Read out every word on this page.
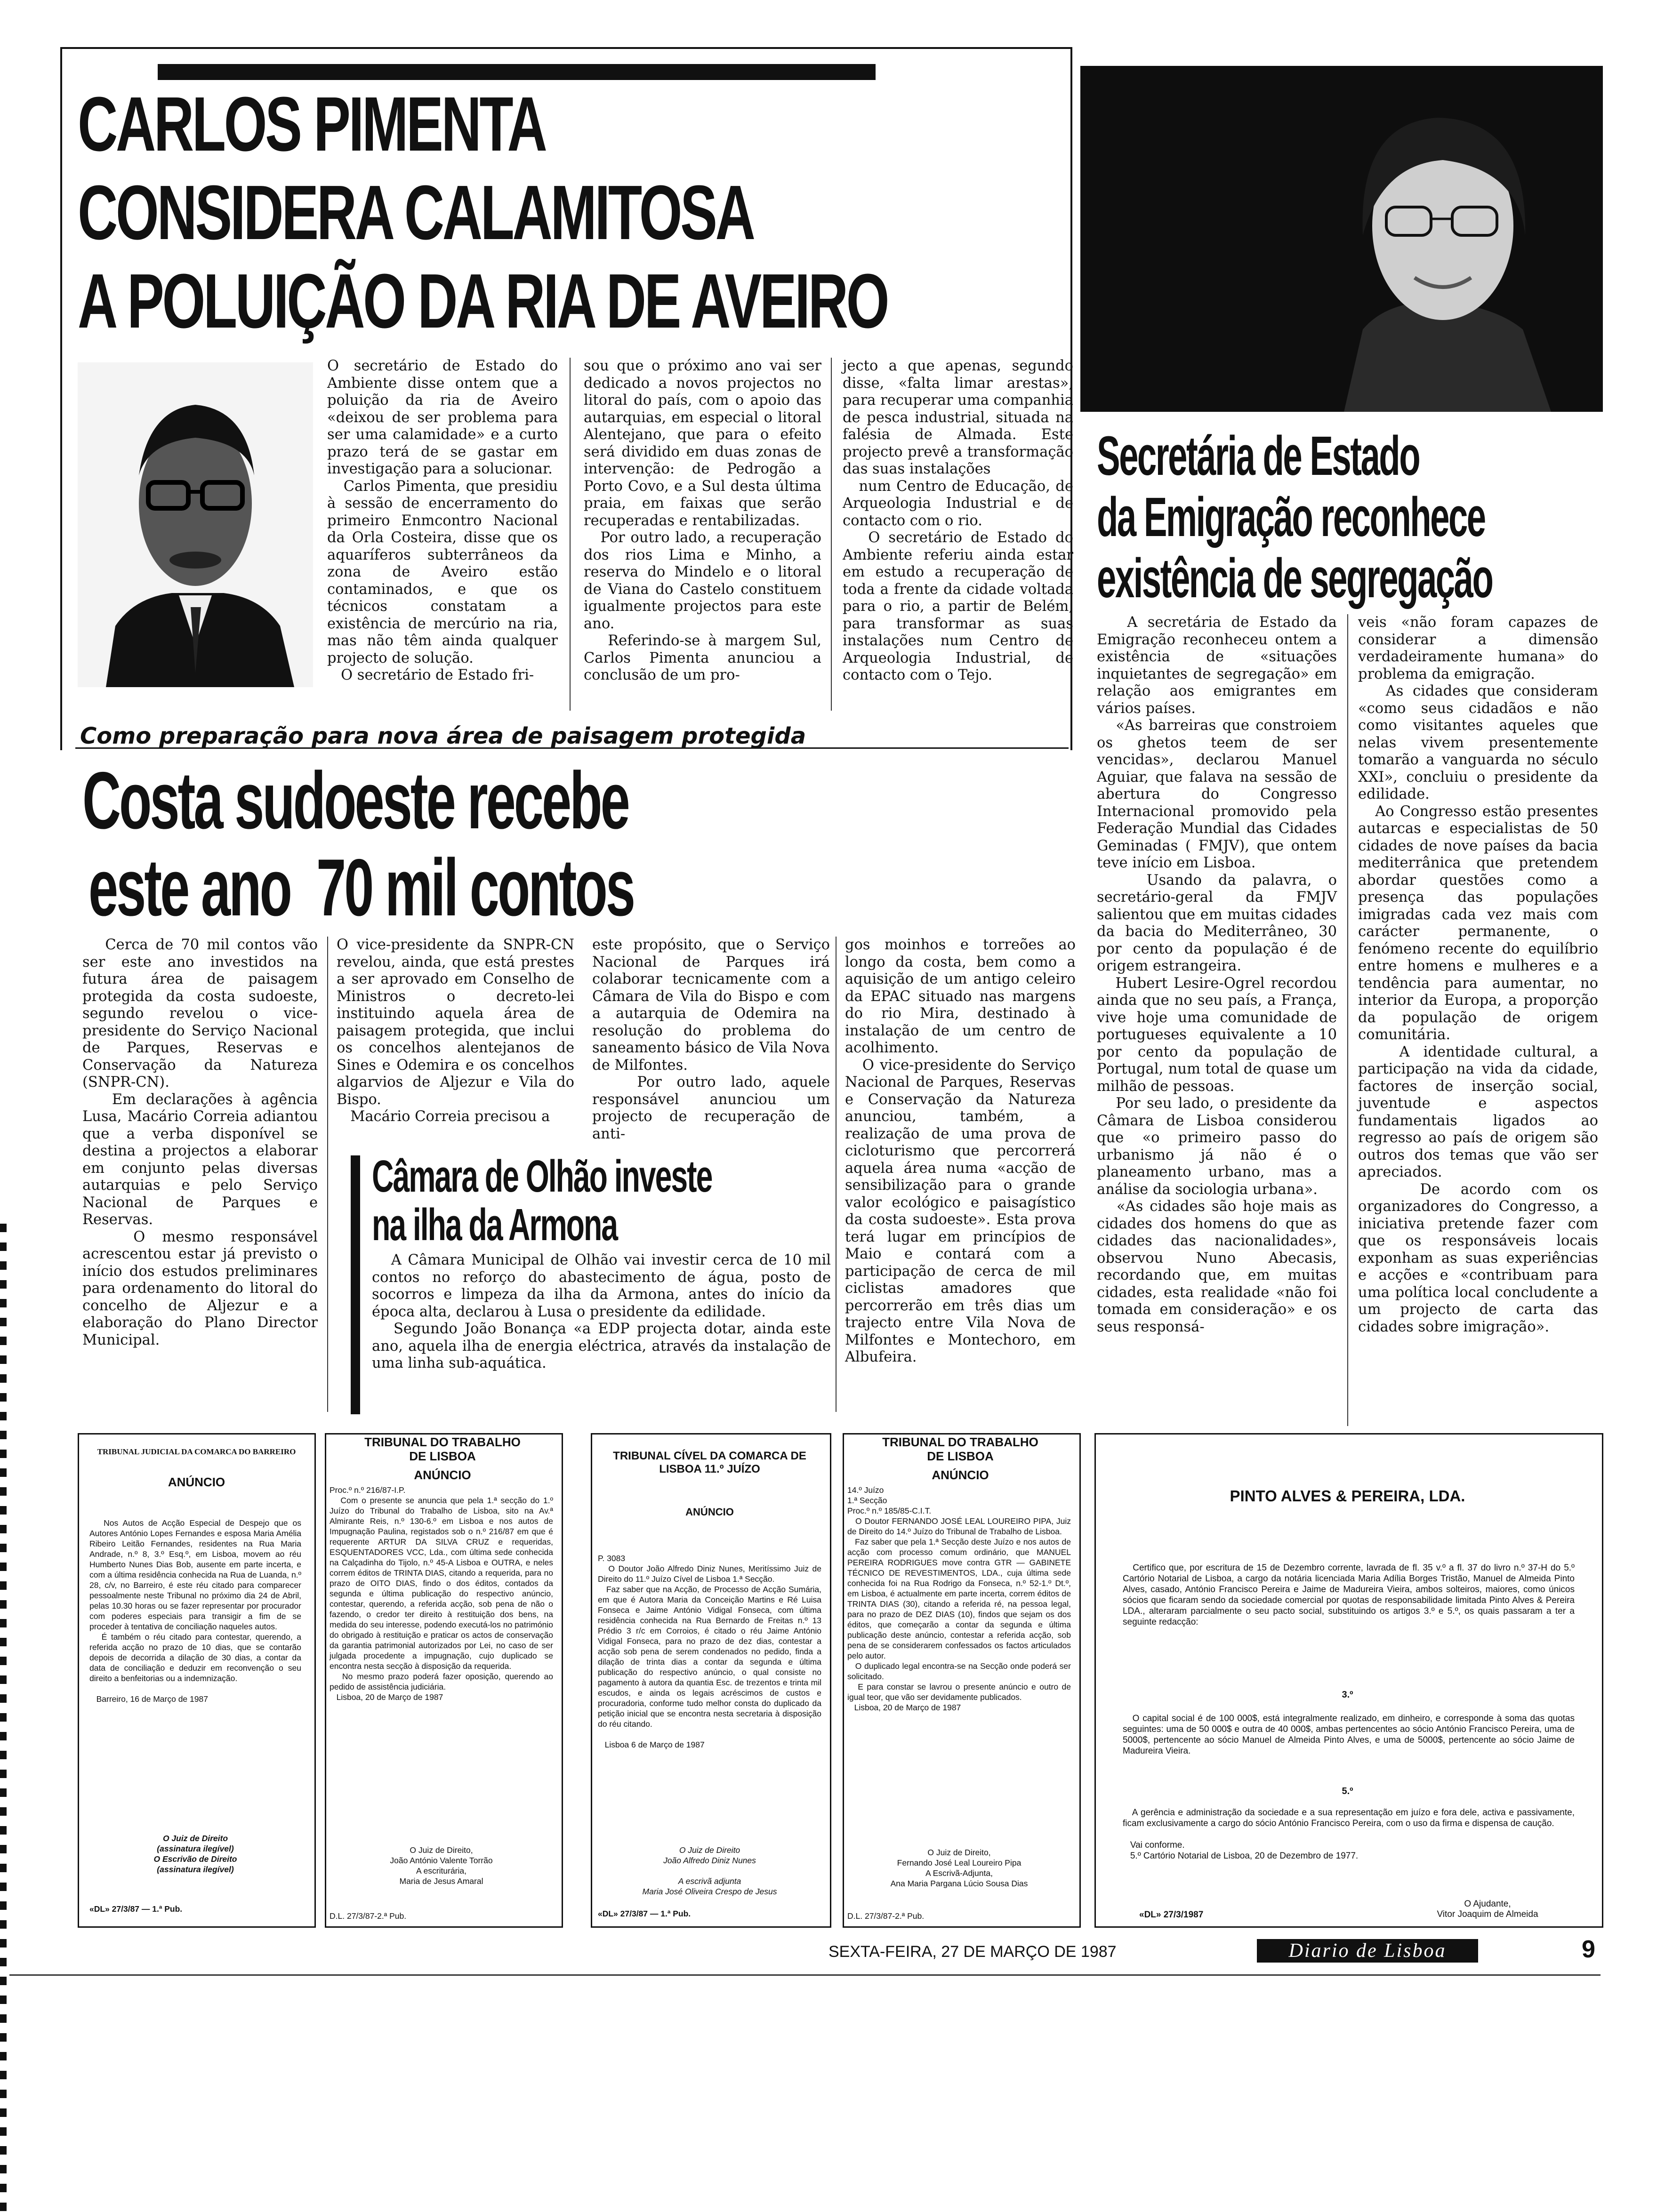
CARLOS PIMENTA
CONSIDERA CALAMITOSA
A POLUIÇÃO DA RIA DE AVEIRO
O secretário de Estado do Ambiente disse ontem que a poluição da ria de Aveiro «deixou de ser problema para ser uma calamidade» e a curto prazo terá de se gastar em investigação para a solucionar.
Carlos Pimenta, que presidiu à sessão de encerramento do primeiro Enmcontro Nacional da Orla Costeira, disse que os aquaríferos subterrâneos da zona de Aveiro estão contaminados, e que os técnicos constatam a existência de mercúrio na ria, mas não têm ainda qualquer projecto de solução.
O secretário de Estado fri-
sou que o próximo ano vai ser dedicado a novos projectos no litoral do país, com o apoio das autarquias, em especial o litoral Alentejano, que para o efeito será dividido em duas zonas de intervenção: de Pedrogão a Porto Covo, e a Sul desta última praia, em faixas que serão recuperadas e rentabilizadas.
Por outro lado, a recuperação dos rios Lima e Minho, a reserva do Mindelo e o litoral de Viana do Castelo constituem igualmente projectos para este ano.
Referindo-se à margem Sul, Carlos Pimenta anunciou a conclusão de um pro-
jecto a que apenas, segundo disse, «falta limar arestas», para recuperar uma companhia de pesca industrial, situada na falésia de Almada. Este projecto prevê a transformação das suas instalações
num Centro de Educação, de Arqueologia Industrial e de contacto com o rio.
O secretário de Estado do Ambiente referiu ainda estar em estudo a recuperação de toda a frente da cidade voltada para o rio, a partir de Belém, para transformar as suas instalações num Centro de Arqueologia Industrial, de contacto com o Tejo.
Como preparação para nova área de paisagem protegida
Costa sudoeste recebe
este ano  70 mil contos
Cerca de 70 mil contos vão ser este ano investidos na futura área de paisagem protegida da costa sudoeste, segundo revelou o vice-presidente do Serviço Nacional de Parques, Reservas e Conservação da Natureza (SNPR-CN).
Em declarações à agência Lusa, Macário Correia adiantou que a verba disponível se destina a projectos a elaborar em conjunto pelas diversas autarquias e pelo Serviço Nacional de Parques e Reservas.
O mesmo responsável acrescentou estar já previsto o início dos estudos preliminares para ordenamento do litoral do concelho de Aljezur e a elaboração do Plano Director Municipal.
O vice-presidente da SNPR-CN revelou, ainda, que está prestes a ser aprovado em Conselho de Ministros o decreto-lei instituindo aquela área de paisagem protegida, que inclui os concelhos alentejanos de Sines e Odemira e os concelhos algarvios de Aljezur e Vila do Bispo.
Macário Correia precisou a
este propósito, que o Serviço Nacional de Parques irá colaborar tecnicamente com a Câmara de Vila do Bispo e com a autarquia de Odemira na resolução do problema do saneamento básico de Vila Nova de Milfontes.
Por outro lado, aquele responsável anunciou um projecto de recuperação de anti-
gos moinhos e torreões ao longo da costa, bem como a aquisição de um antigo celeiro da EPAC situado nas margens do rio Mira, destinado à instalação de um centro de acolhimento.
O vice-presidente do Serviço Nacional de Parques, Reservas e Conservação da Natureza anunciou, também, a realização de uma prova de cicloturismo que percorrerá aquela área numa «acção de sensibilização para o grande valor ecológico e paisagístico da costa sudoeste». Esta prova terá lugar em princípios de Maio e contará com a participação de cerca de mil ciclistas amadores que percorrerão em três dias um trajecto entre Vila Nova de Milfontes e Montechoro, em Albufeira.
Câmara de Olhão investe
na ilha da Armona
A Câmara Municipal de Olhão vai investir cerca de 10 mil contos no reforço do abastecimento de água, posto de socorros e limpeza da ilha da Armona, antes do início da época alta, declarou à Lusa o presidente da edilidade.
Segundo João Bonança «a EDP projecta dotar, ainda este ano, aquela ilha de energia eléctrica, através da instalação de uma linha sub-aquática.
Secretária de Estado
da Emigração reconhece
existência de segregação
A secretária de Estado da Emigração reconheceu ontem a existência de «situações inquietantes de segregação» em relação aos emigrantes em vários países.
«As barreiras que constroiem os ghetos teem de ser vencidas», declarou Manuel Aguiar, que falava na sessão de abertura do Congresso Internacional promovido pela Federação Mundial das Cidades Geminadas ( FMJV), que ontem teve início em Lisboa.
Usando da palavra, o secretário-geral da FMJV salientou que em muitas cidades da bacia do Mediterrâneo, 30 por cento da população é de origem estrangeira.
Hubert Lesire-Ogrel recordou ainda que no seu país, a França, vive hoje uma comunidade de portugueses equivalente a 10 por cento da população de Portugal, num total de quase um milhão de pessoas.
Por seu lado, o presidente da Câmara de Lisboa considerou que «o primeiro passo do urbanismo já não é o planeamento urbano, mas a análise da sociologia urbana».
«As cidades são hoje mais as cidades dos homens do que as cidades das nacionalidades», observou Nuno Abecasis, recordando que, em muitas cidades, esta realidade «não foi tomada em consideração» e os seus responsá-
veis «não foram capazes de considerar a dimensão verdadeiramente humana» do problema da emigração.
As cidades que consideram «como seus cidadãos e não como visitantes aqueles que nelas vivem presentemente tomarão a vanguarda no século XXI», concluiu o presidente da edilidade.
Ao Congresso estão presentes autarcas e especialistas de 50 cidades de nove países da bacia mediterrânica que pretendem abordar questões como a presença das populações imigradas cada vez mais com carácter permanente, o fenómeno recente do equilíbrio entre homens e mulheres e a tendência para aumentar, no interior da Europa, a proporção da população de origem comunitária.
A identidade cultural, a participação na vida da cidade, factores de inserção social, juventude e aspectos fundamentais ligados ao regresso ao país de origem são outros dos temas que vão ser apreciados.
De acordo com os organizadores do Congresso, a iniciativa pretende fazer com que os responsáveis locais exponham as suas experiências e acções e «contribuam para uma política local concludente a um projecto de carta das cidades sobre imigração».
TRIBUNAL JUDICIAL DA COMARCA DO BARREIRO
ANÚNCIO
Nos Autos de Acção Especial de Despejo que os Autores António Lopes Fernandes e esposa Maria Amélia Ribeiro Leitão Fernandes, residentes na Rua Maria Andrade, n.º 8, 3.º Esq.º, em Lisboa, movem ao réu Humberto Nunes Dias Bob, ausente em parte incerta, e com a última residência conhecida na Rua de Luanda, n.º 28, c/v, no Barreiro, é este réu citado para comparecer pessoalmente neste Tribunal no próximo dia 24 de Abril, pelas 10.30 horas ou se fazer representar por procurador com poderes especiais para transigir a fim de se proceder à tentativa de conciliação naqueles autos.
É também o réu citado para contestar, querendo, a referida acção no prazo de 10 dias, que se contarão depois de decorrida a dilação de 30 dias, a contar da data de conciliação e deduzir em reconvenção o seu direito a benfeitorias ou a indemnização.

Barreiro, 16 de Março de 1987
O Juiz de Direito
(assinatura ilegível)
O Escrivão de Direito
(assinatura ilegível)
«DL» 27/3/87 — 1.ª Pub.
TRIBUNAL DO TRABALHO DE LISBOA
ANÚNCIO
Proc.º n.º 216/87-I.P.
Com o presente se anuncia que pela 1.ª secção do 1.º Juízo do Tribunal do Trabalho de Lisboa, sito na Av.ª Almirante Reis, n.º 130-6.º em Lisboa e nos autos de Impugnação Paulina, registados sob o n.º 216/87 em que é requerente ARTUR DA SILVA CRUZ e requeridas, ESQUENTADORES VCC, Lda., com última sede conhecida na Calçadinha do Tijolo, n.º 45-A Lisboa e OUTRA, e neles correm éditos de TRINTA DIAS, citando a requerida, para no prazo de OITO DIAS, findo o dos éditos, contados da segunda e última publicação do respectivo anúncio, contestar, querendo, a referida acção, sob pena de não o fazendo, o credor ter direito à restituição dos bens, na medida do seu interesse, podendo executá-los no património do obrigado à restituição e praticar os actos de conservação da garantia patrimonial autorizados por Lei, no caso de ser julgada procedente a impugnação, cujo duplicado se encontra nesta secção à disposição da requerida.
No mesmo prazo poderá fazer oposição, querendo ao pedido de assistência judiciária.
Lisboa, 20 de Março de 1987
O Juiz de Direito,
João António Valente Torrão
A escriturária,
Maria de Jesus Amaral
D.L. 27/3/87-2.ª Pub.
TRIBUNAL CÍVEL DA COMARCA DE LISBOA 11.º JUÍZO
ANÚNCIO
P. 3083
O Doutor João Alfredo Diniz Nunes, Meritíssimo Juiz de Direito do 11.º Juízo Cível de Lisboa 1.ª Secção.
Faz saber que na Acção, de Processo de Acção Sumária, em que é Autora Maria da Conceição Martins e Ré Luisa Fonseca e Jaime António Vidigal Fonseca, com última residência conhecida na Rua Bernardo de Freitas n.º 13 Prédio 3 r/c em Corroios, é citado o réu Jaime António Vidigal Fonseca, para no prazo de dez dias, contestar a acção sob pena de serem condenados no pedido, finda a dilação de trinta dias a contar da segunda e última publicação do respectivo anúncio, o qual consiste no pagamento à autora da quantia Esc. de trezentos e trinta mil escudos, e ainda os legais acréscimos de custos e procuradoria, conforme tudo melhor consta do duplicado da petição inicial que se encontra nesta secretaria à disposição do réu citando.

Lisboa 6 de Março de 1987
O Juiz de Direito
João Alfredo Diniz Nunes

A escrivã adjunta
Maria José Oliveira Crespo de Jesus
«DL» 27/3/87 — 1.ª Pub.
TRIBUNAL DO TRABALHO DE LISBOA
ANÚNCIO
14.º Juízo
1.ª Secção
Proc.º n.º 185/85-C.I.T.
O Doutor FERNANDO JOSÉ LEAL LOUREIRO PIPA, Juiz de Direito do 14.º Juízo do Tribunal de Trabalho de Lisboa.
Faz saber que pela 1.ª Secção deste Juízo e nos autos de acção com processo comum ordinário, que MANUEL PEREIRA RODRIGUES move contra GTR — GABINETE TÉCNICO DE REVESTIMENTOS, LDA., cuja última sede conhecida foi na Rua Rodrigo da Fonseca, n.º 52-1.º Dt.º, em Lisboa, é actualmente em parte incerta, correm éditos de TRINTA DIAS (30), citando a referida ré, na pessoa legal, para no prazo de DEZ DIAS (10), findos que sejam os dos éditos, que começarão a contar da segunda e última publicação deste anúncio, contestar a referida acção, sob pena de se considerarem confessados os factos articulados pelo autor.
O duplicado legal encontra-se na Secção onde poderá ser solicitado.
E para constar se lavrou o presente anúncio e outro de igual teor, que vão ser devidamente publicados.
Lisboa, 20 de Março de 1987
O Juiz de Direito,
Fernando José Leal Loureiro Pipa
A Escrivã-Adjunta,
Ana Maria Pargana Lúcio Sousa Dias
D.L. 27/3/87-2.ª Pub.
PINTO ALVES & PEREIRA, LDA.
Certifico que, por escritura de 15 de Dezembro corrente, lavrada de fl. 35 v.º a fl. 37 do livro n.º 37-H do 5.º Cartório Notarial de Lisboa, a cargo da notária licenciada Maria Adília Borges Tristão, Manuel de Almeida Pinto Alves, casado, António Francisco Pereira e Jaime de Madureira Vieira, ambos solteiros, maiores, como únicos sócios que ficaram sendo da sociedade comercial por quotas de responsabilidade limitada Pinto Alves & Pereira LDA., alteraram parcialmente o seu pacto social, substituindo os artigos 3.º e 5.º, os quais passaram a ter a seguinte redacção:
3.º
O capital social é de 100 000$, está integralmente realizado, em dinheiro, e corresponde à soma das quotas seguintes: uma de 50 000$ e outra de 40 000$, ambas pertencentes ao sócio António Francisco Pereira, uma de 5000$, pertencente ao sócio Manuel de Almeida Pinto Alves, e uma de 5000$, pertencente ao sócio Jaime de Madureira Vieira.
5.º
A gerência e administração da sociedade e a sua representação em juízo e fora dele, activa e passivamente, ficam exclusivamente a cargo do sócio António Francisco Pereira, com o uso da firma e dispensa de caução.

Vai conforme.
5.º Cartório Notarial de Lisboa, 20 de Dezembro de 1977.
O Ajudante,
Vitor Joaquim de Almeida
«DL» 27/3/1987
SEXTA-FEIRA, 27 DE MARÇO DE 1987	Diario de Lisboa	9
